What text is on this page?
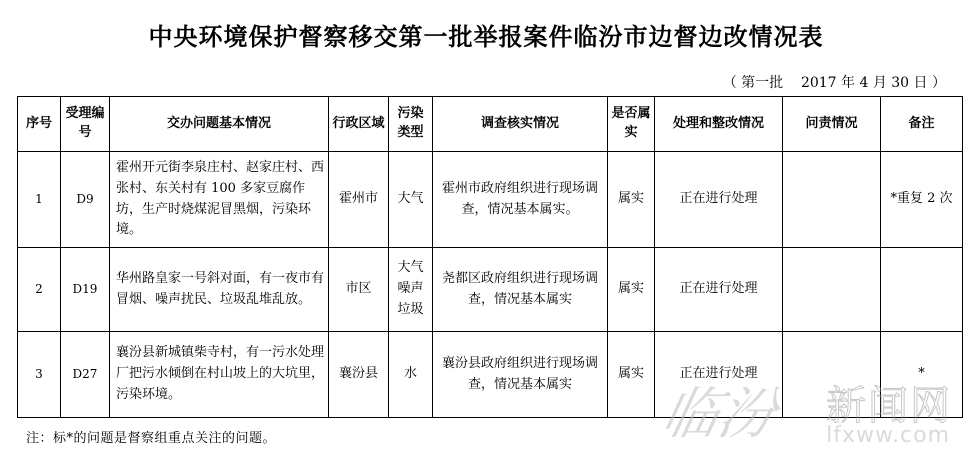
中央环境保护督察移交第一批举报案件临汾市边督边改情况表
（ 第一批    2017 年 4 月 30 日 ）
序号	受理编号	交办问题基本情况	行政区域	污染类型	调查核实情况	是否属实	处理和整改情况	问责情况	备注
1	D9	霍州开元街李泉庄村、赵家庄村、西张村、东关村有 100 多家豆腐作坊，生产时烧煤泥冒黑烟，污染环境。	霍州市	大气	霍州市政府组织进行现场调查，情况基本属实。	属实	正在进行处理		*重复 2 次
2	D19	华州路皇家一号斜对面，有一夜市有冒烟、噪声扰民、垃圾乱堆乱放。	市区	大气噪声垃圾	尧都区政府组织进行现场调查，情况基本属实	属实	正在进行处理		
3	D27	襄汾县新城镇柴寺村，有一污水处理厂把污水倾倒在村山坡上的大坑里，污染环境。	襄汾县	水	襄汾县政府组织进行现场调查，情况基本属实	属实	正在进行处理		*
注：标*的问题是督察组重点关注的问题。	临汾 新闻网
lfxww.com
